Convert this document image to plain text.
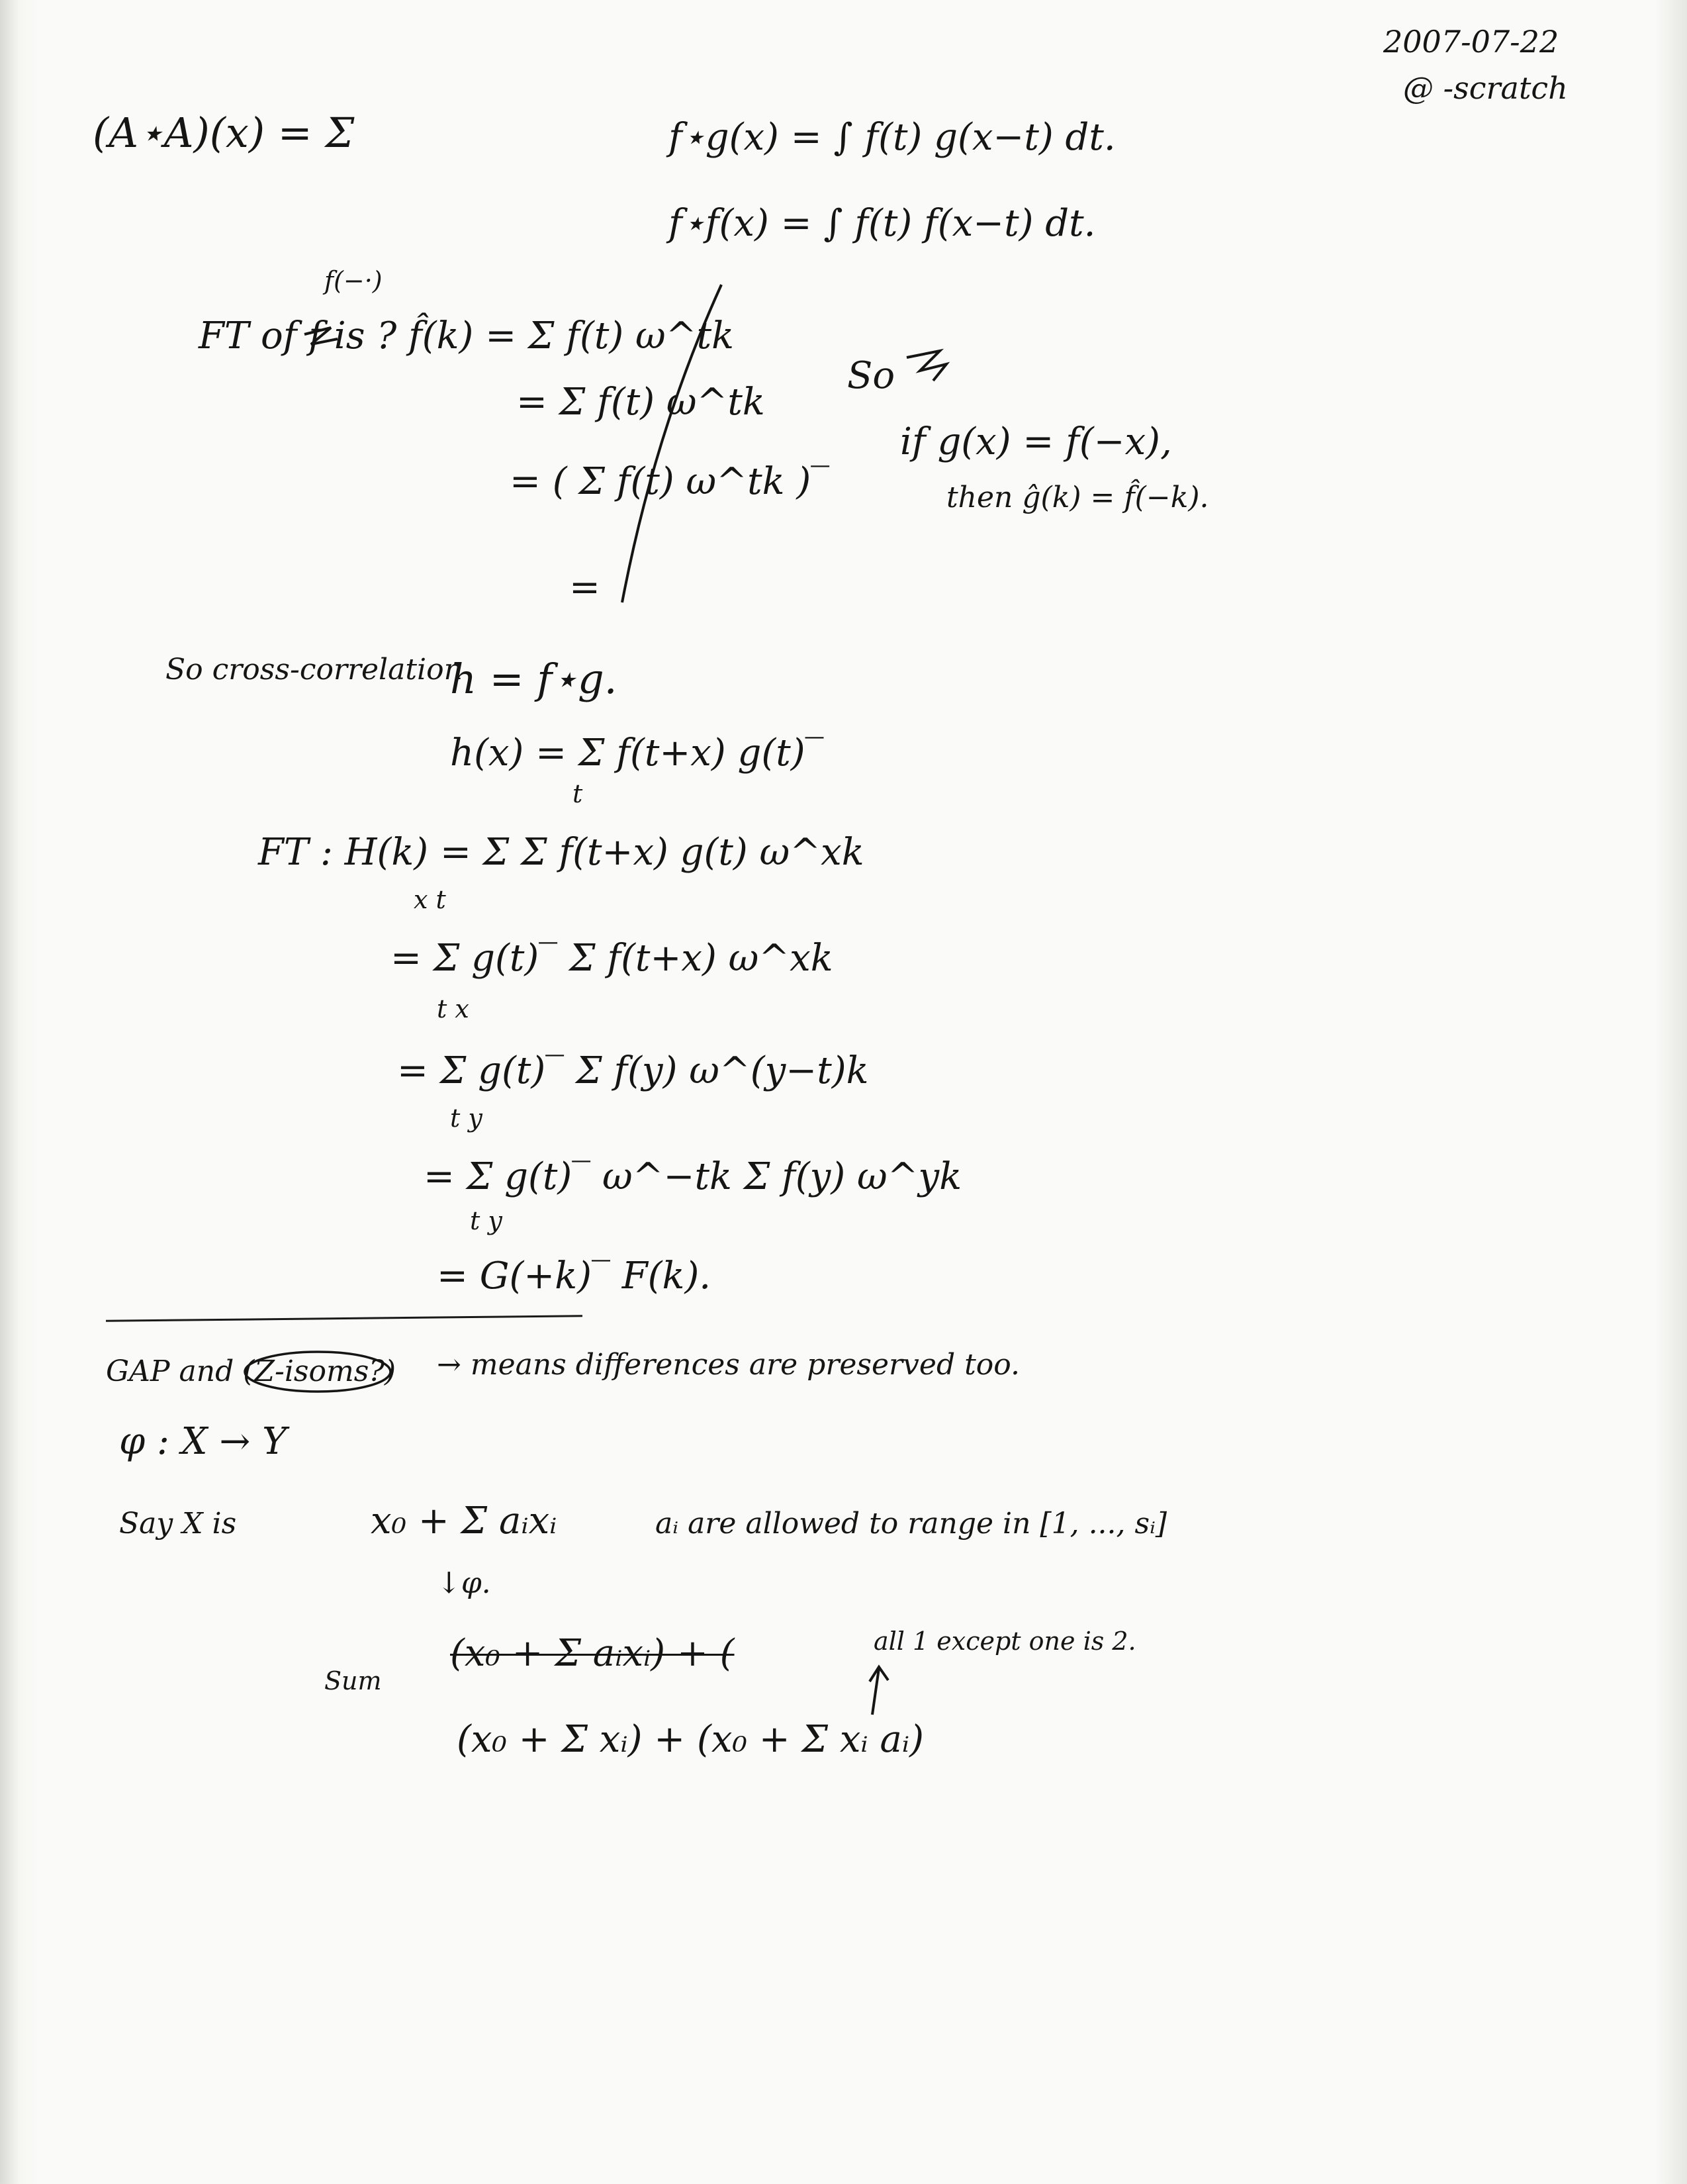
2007-07-22
@ -scratch
(A⋆A)(x) = Σ	f⋆g(x) = ∫ f(t) g(x−t) dt.
f⋆f(x) = ∫ f(t) f(x−t) dt.
f(−·)
FT of f is ? f̂(k) = Σ f(t) ω^tk
= Σ f(t) ω^tk
= ( Σ f(t) ω^tk )‾
=
So
if g(x) = f(−x),
then ĝ(k) = f̂(−k).
So cross-correlation
h = f⋆g.
h(x) = Σ f(t+x) g(t)‾
t
FT : H(k) = Σ Σ f(t+x) g(t) ω^xk
x t
= Σ g(t)‾ Σ f(t+x) ω^xk
t x
= Σ g(t)‾ Σ f(y) ω^(y−t)k
t y
= Σ g(t)‾ ω^−tk Σ f(y) ω^yk
t y
= G(+k)‾ F(k).
GAP and (Z-isoms?) → means differences are preserved too.
φ : X → Y
Say X is	x₀ + Σ aᵢxᵢ	aᵢ are allowed to range in [1, ..., sᵢ]
↓φ.
Sum
(x₀ + Σ aᵢxᵢ) + (	all 1 except one is 2.
(x₀ + Σ xᵢ) + (x₀ + Σ xᵢ aᵢ)
